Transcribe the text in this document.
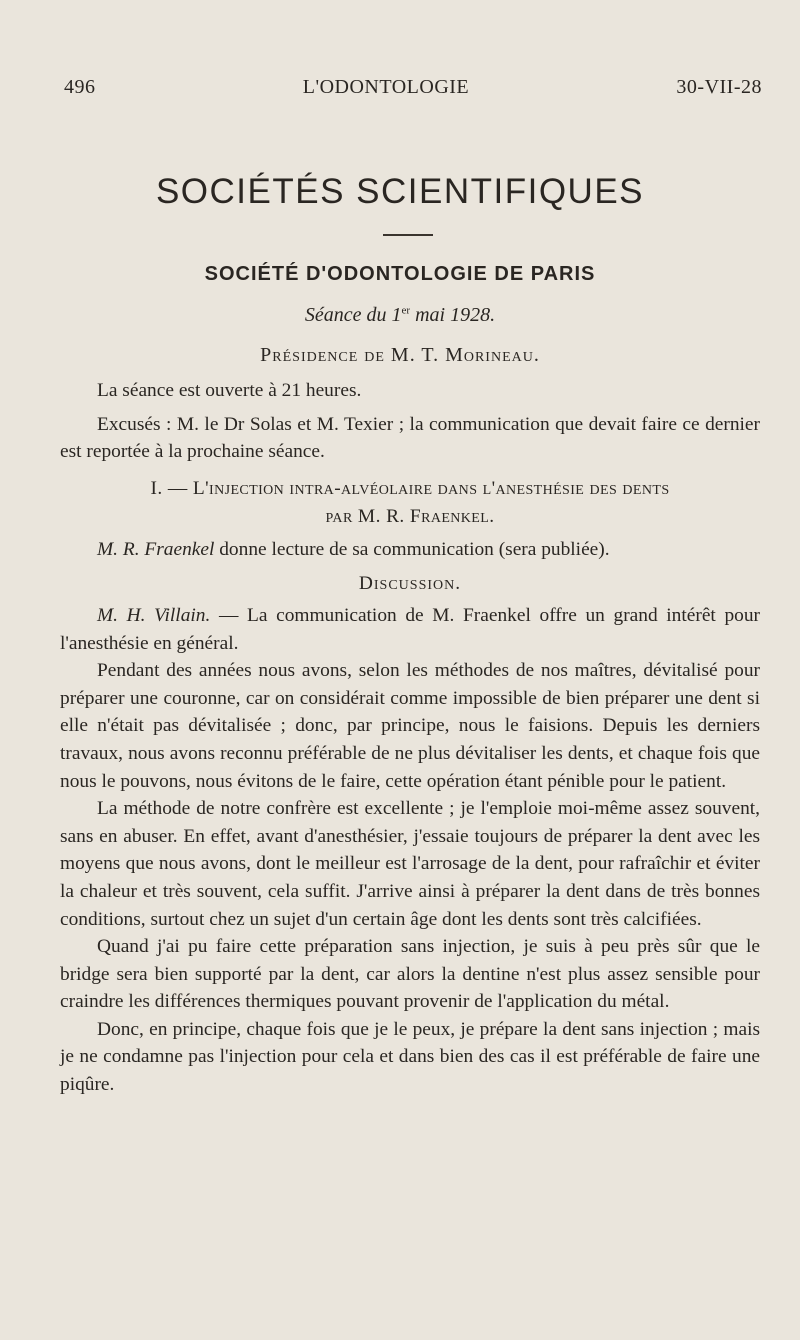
496	L'ODONTOLOGIE	30-VII-28
SOCIÉTÉS SCIENTIFIQUES
SOCIÉTÉ D'ODONTOLOGIE DE PARIS
Séance du 1er mai 1928.
Présidence de M. T. Morineau.

La séance est ouverte à 21 heures.

Excusés : M. le Dr Solas et M. Texier ; la communication que devait faire ce dernier est reportée à la prochaine séance.

I. — L'injection intra-alvéolaire dans l'anesthésie des dents
par M. R. Fraenkel.

M. R. Fraenkel donne lecture de sa communication (sera publiée).

Discussion.

M. H. Villain. — La communication de M. Fraenkel offre un grand intérêt pour l'anesthésie en général.

Pendant des années nous avons, selon les méthodes de nos maîtres, dévitalisé pour préparer une couronne, car on considérait comme impossible de bien préparer une dent si elle n'était pas dévitalisée ; donc, par principe, nous le faisions. Depuis les derniers travaux, nous avons reconnu préférable de ne plus dévitaliser les dents, et chaque fois que nous le pouvons, nous évitons de le faire, cette opération étant pénible pour le patient.

La méthode de notre confrère est excellente ; je l'emploie moi-même assez souvent, sans en abuser. En effet, avant d'anesthésier, j'essaie toujours de préparer la dent avec les moyens que nous avons, dont le meilleur est l'arrosage de la dent, pour rafraîchir et éviter la chaleur et très souvent, cela suffit. J'arrive ainsi à préparer la dent dans de très bonnes conditions, surtout chez un sujet d'un certain âge dont les dents sont très calcifiées.

Quand j'ai pu faire cette préparation sans injection, je suis à peu près sûr que le bridge sera bien supporté par la dent, car alors la dentine n'est plus assez sensible pour craindre les différences thermiques pouvant provenir de l'application du métal.

Donc, en principe, chaque fois que je le peux, je prépare la dent sans injection ; mais je ne condamne pas l'injection pour cela et dans bien des cas il est préférable de faire une piqûre.
